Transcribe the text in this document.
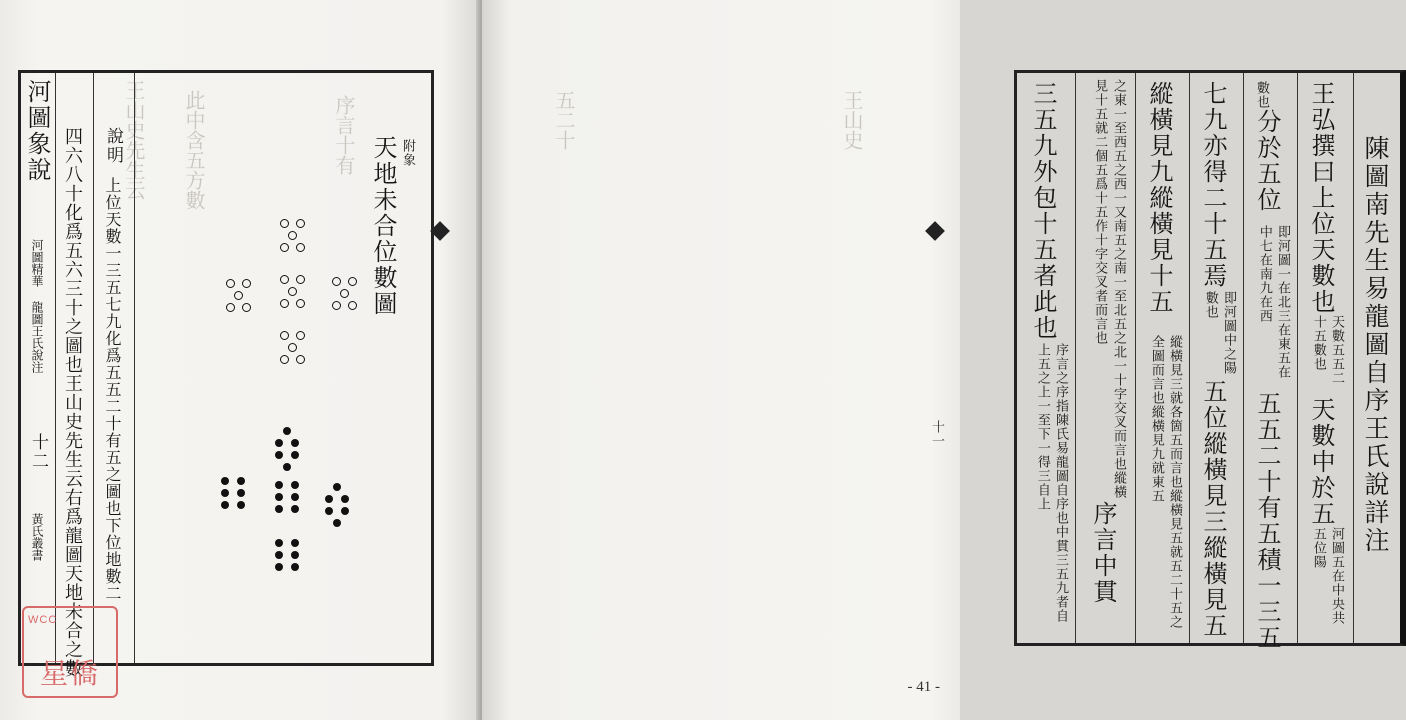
王山史先生云 此中含五方數	序言十有
河圖象說
河圖精華 龍圖王氏說注
十二
黃氏叢書 四六八十化爲五六三十之圖也王山史先生云右爲龍圖天地未合之數 上位天數一三五七九化爲五五二十有五之圖也下位地數二
說明	天地未合位數圖 附象
WCC
星僑
五二十	王山史	三五九外包十五者此也
序言之序指陳氏易龍圖自序也中貫三五九者自上五之上一至下一得三自上	之東一至西五之西一又南五之南一至北五之北一十字交叉而言也縱橫見十五就二個五爲十五作十字交叉者而言也
序言中貫
縱橫見九縱橫見十五
縱橫見三就各箇五而言也縱橫見五就五二十五之全圖而言也縱橫見九就東五
七九亦得二十五焉
即河圖中之陽數也
五位縱橫見三縱橫見五
數也
分於五位
即河圖一在北三在東五在中七在南九在西
五五二十有五積一三五
王弘撰曰上位天數也
天數五五二十五數也
天數中於五
河圖五在中央共五位陽	陳圖南先生易龍圖自序王氏說詳注
十一
- 41 -
